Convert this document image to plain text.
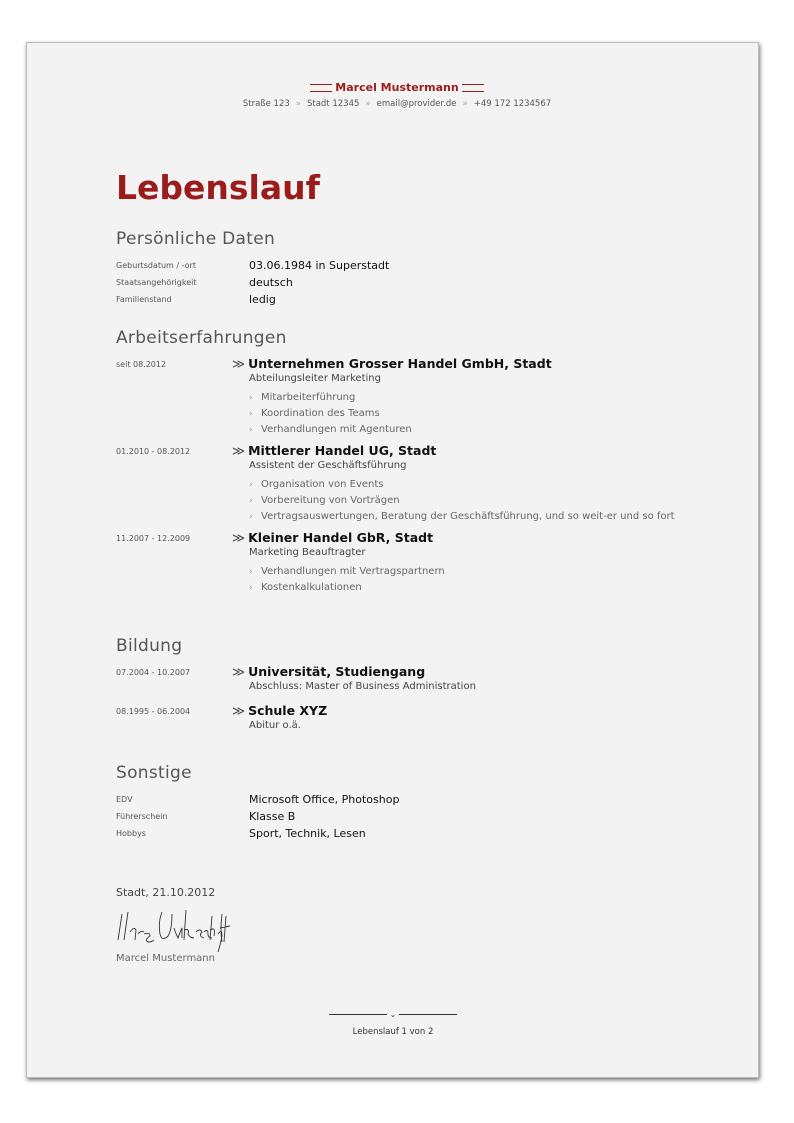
Marcel Mustermann
Straße 123 » Stadt 12345 » email@provider.de » +49 172 1234567
Lebenslauf
Persönliche Daten
Geburtsdatum / -ort	03.06.1984 in Superstadt
Staatsangehörigkeit	deutsch
Familienstand	ledig
Arbeitserfahrungen
seit 08.2012	≫ Unternehmen Grosser Handel GmbH, Stadt
Abteilungsleiter Marketing
› Mitarbeiterführung
› Koordination des Teams
› Verhandlungen mit Agenturen
01.2010 - 08.2012	≫ Mittlerer Handel UG, Stadt
Assistent der Geschäftsführung
› Organisation von Events
› Vorbereitung von Vorträgen
› Vertragsauswertungen, Beratung der Geschäftsführung, und so weit-er und so fort
11.2007 - 12.2009	≫ Kleiner Handel GbR, Stadt
Marketing Beauftragter
› Verhandlungen mit Vertragspartnern
› Kostenkalkulationen
Bildung
07.2004 - 10.2007	≫ Universität, Studiengang
Abschluss: Master of Business Administration
08.1995 - 06.2004	≫ Schule XYZ
Abitur o.ä.
Sonstige
EDV	Microsoft Office, Photoshop
Führerschein	Klasse B
Hobbys	Sport, Technik, Lesen
Stadt, 21.10.2012
Marcel Mustermann
⌄
Lebenslauf 1 von 2
